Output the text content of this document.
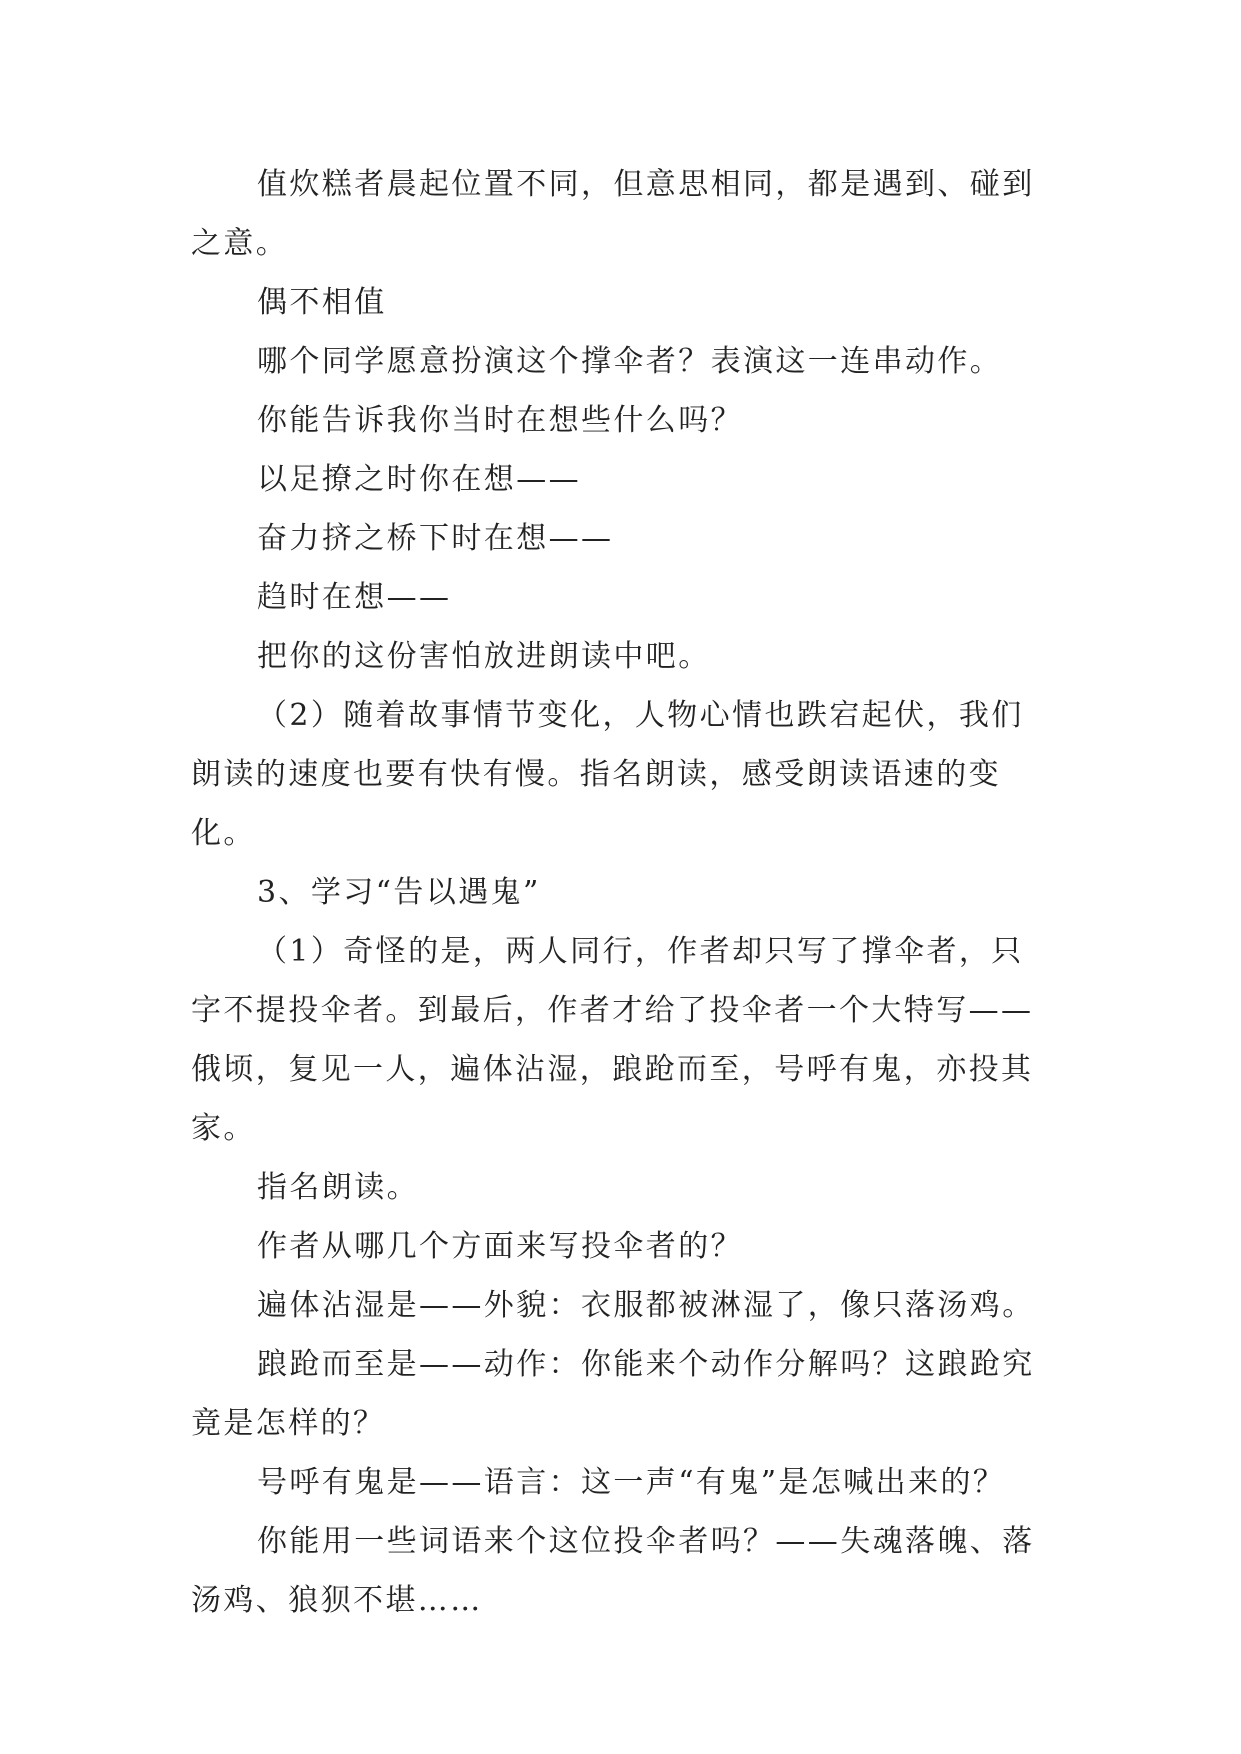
值炊糕者晨起位置不同，但意思相同，都是遇到、碰到之意。

偶不相值

哪个同学愿意扮演这个撑伞者？表演这一连串动作。

你能告诉我你当时在想些什么吗？

以足撩之时你在想——

奋力挤之桥下时在想——

趋时在想——

把你的这份害怕放进朗读中吧。

（2）随着故事情节变化，人物心情也跌宕起伏，我们朗读的速度也要有快有慢。指名朗读，感受朗读语速的变化。

3、学习“告以遇鬼”

（1）奇怪的是，两人同行，作者却只写了撑伞者，只字不提投伞者。到最后，作者才给了投伞者一个大特写——俄顷，复见一人，遍体沾湿，踉跄而至，号呼有鬼，亦投其家。

指名朗读。

作者从哪几个方面来写投伞者的？

遍体沾湿是——外貌：衣服都被淋湿了，像只落汤鸡。

踉跄而至是——动作：你能来个动作分解吗？这踉跄究竟是怎样的？

号呼有鬼是——语言：这一声“有鬼”是怎喊出来的？

你能用一些词语来个这位投伞者吗？——失魂落魄、落汤鸡、狼狈不堪……
